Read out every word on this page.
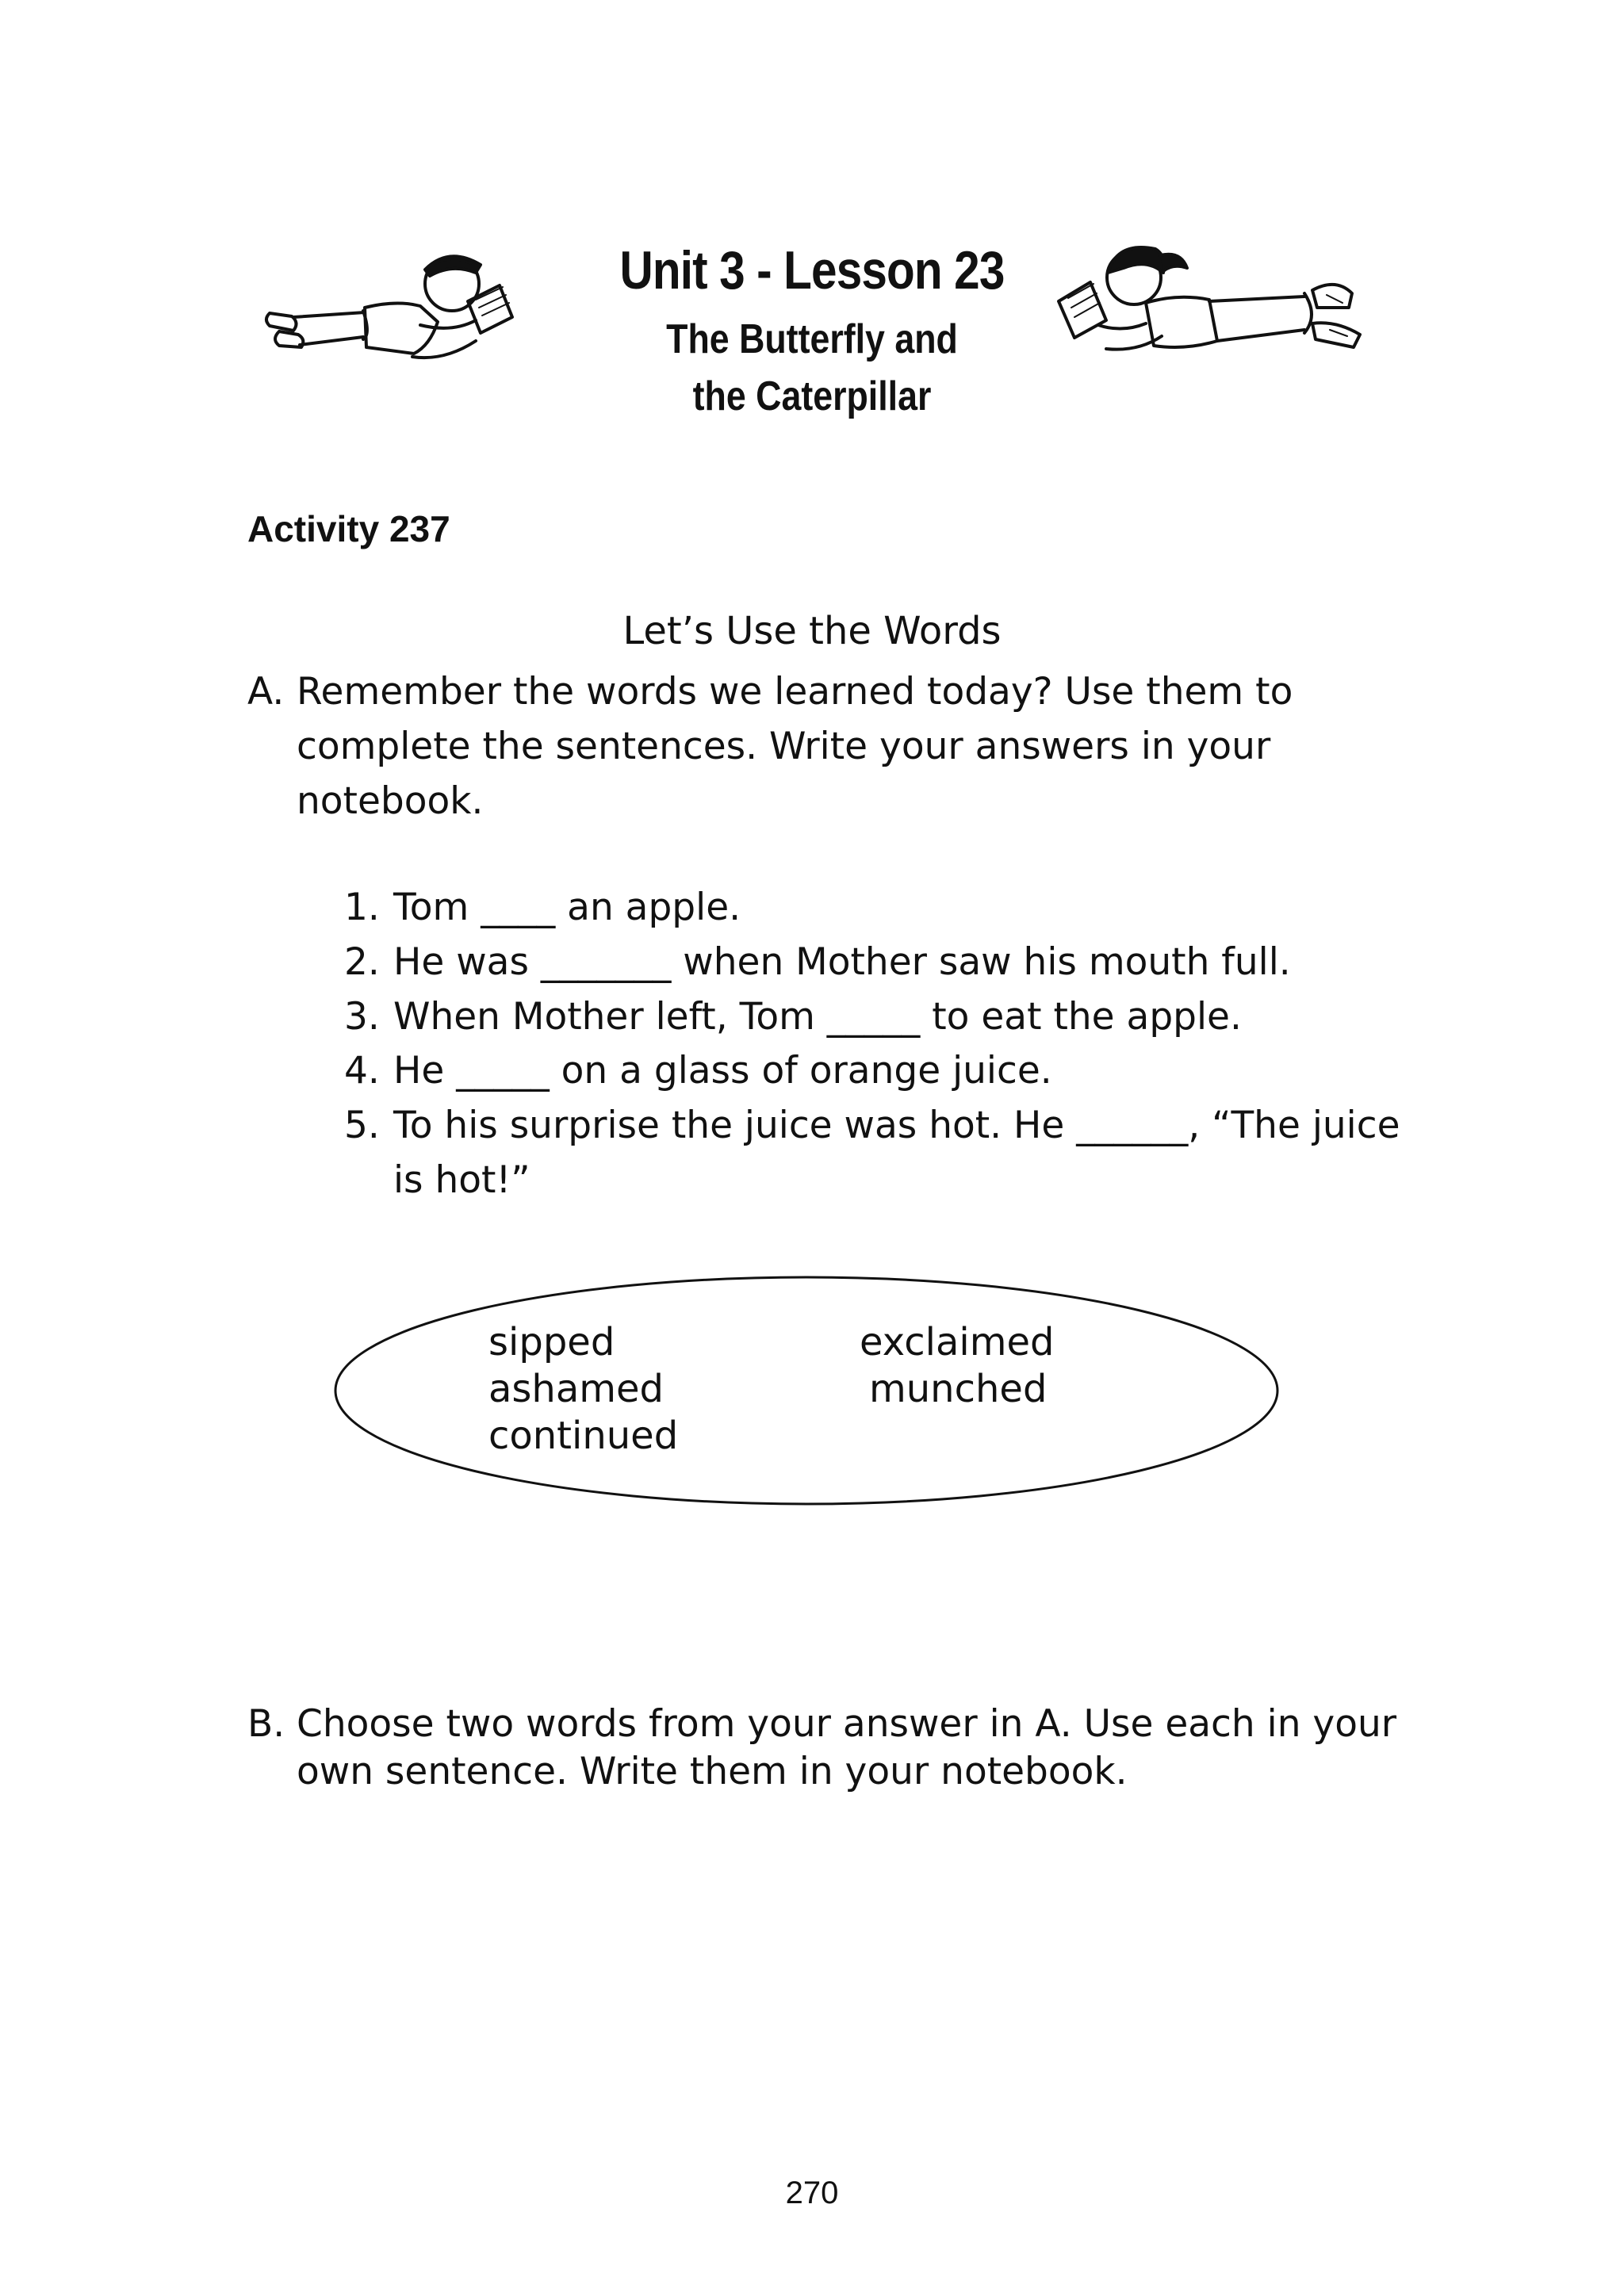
Unit 3 - Lesson 23
The Butterfly and
the Caterpillar
Activity 237
Let’s Use the Words
A. Remember the words we learned today? Use them to
complete the sentences. Write your answers in your
notebook.
1. Tom ____ an apple.
2. He was _______ when Mother saw his mouth full.
3. When Mother left, Tom _____ to eat the apple.
4. He _____ on a glass of orange juice.
5. To his surprise the juice was hot. He ______, “The juice
is hot!”
sipped
ashamed
continued
exclaimed
munched
B. Choose two words from your answer in A. Use each in your
own sentence. Write them in your notebook.
270
